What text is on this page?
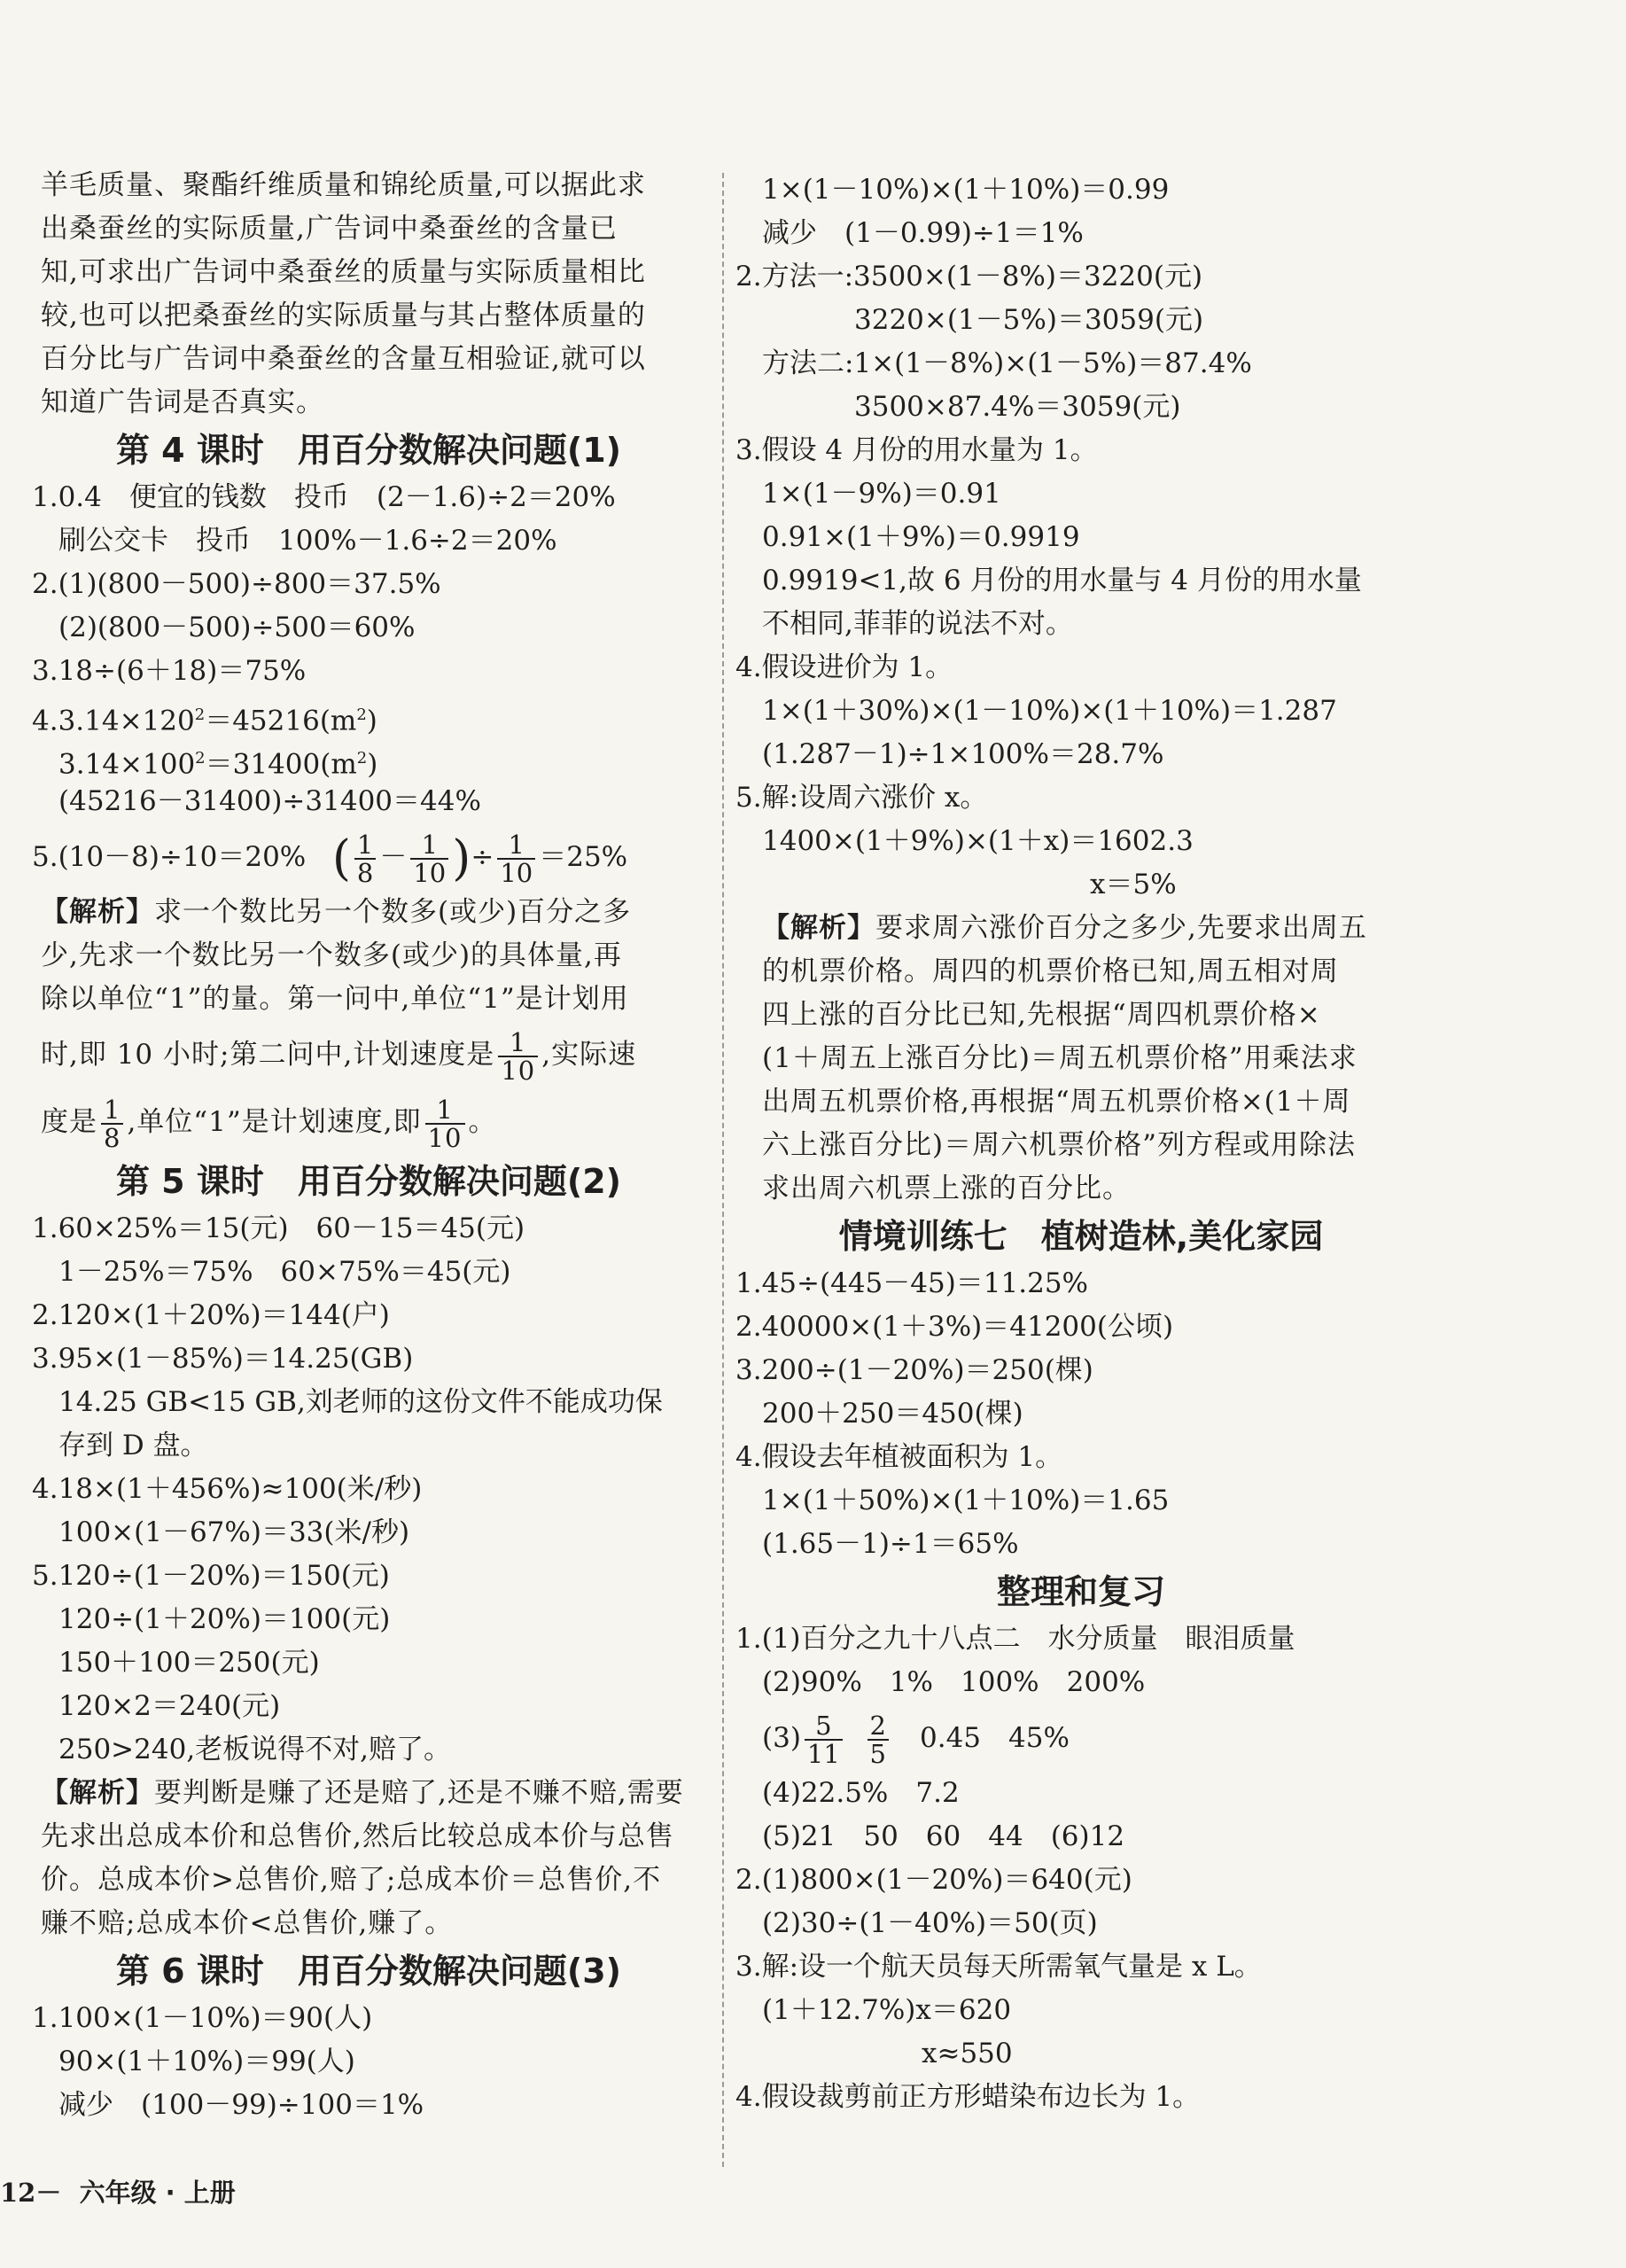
羊毛质量、聚酯纤维质量和锦纶质量,可以据此求
出桑蚕丝的实际质量,广告词中桑蚕丝的含量已
知,可求出广告词中桑蚕丝的质量与实际质量相比
较,也可以把桑蚕丝的实际质量与其占整体质量的
百分比与广告词中桑蚕丝的含量互相验证,就可以
知道广告词是否真实。
第 4 课时　用百分数解决问题(1)
1.0.4　便宜的钱数　投币　(2－1.6)÷2＝20%
刷公交卡　投币　100%－1.6÷2＝20%
2.(1)(800－500)÷800＝37.5%
(2)(800－500)÷500＝60%
3.18÷(6＋18)＝75%
$4.3.14\times 120^2=45216(m^2)$
$3.14\times 100^2=31400(m^2)$
(45216－31400)÷31400＝44%
5.(10－8)÷10＝20% ( $\frac{1}{8} - \frac{1}{10}$ )÷ $\frac{1}{10} =25\%$
【解析】求一个数比另一个数多(或少)百分之多
少,先求一个数比另一个数多(或少)的具体量,再
除以单位“1”的量。第一问中,单位“1”是计划用
时,即 10 小时;第二问中,计划速度是 $\frac{1}{10}$ ,实际速
度是 $\frac{1}{8}$ ,单位“1”是计划速度,即 $\frac{1}{10}$ 。
第 5 课时　用百分数解决问题(2)
1.60×25%＝15(元)　60－15＝45(元)
1－25%＝75%　60×75%＝45(元)
2.120×(1＋20%)＝144(户)
3.95×(1－85%)＝14.25(GB)
14.25 GB<15 GB,刘老师的这份文件不能成功保
存到 D 盘。
4.18×(1＋456%)≈100(米/秒)
100×(1－67%)＝33(米/秒)
5.120÷(1－20%)＝150(元)
120÷(1＋20%)＝100(元)
150＋100＝250(元)
120×2＝240(元)
250>240,老板说得不对,赔了。
【解析】要判断是赚了还是赔了,还是不赚不赔,需要
先求出总成本价和总售价,然后比较总成本价与总售
价。总成本价>总售价,赔了;总成本价＝总售价,不
赚不赔;总成本价<总售价,赚了。
第 6 课时　用百分数解决问题(3)
1.100×(1－10%)＝90(人)
90×(1＋10%)＝99(人)
减少　(100－99)÷100＝1%
1×(1－10%)×(1＋10%)＝0.99
减少　(1－0.99)÷1＝1%
2.方法一:3500×(1－8%)＝3220(元)
3220×(1－5%)＝3059(元)
方法二:1×(1－8%)×(1－5%)＝87.4%
3500×87.4%＝3059(元)
3.假设 4 月份的用水量为 1。
1×(1－9%)＝0.91
0.91×(1＋9%)＝0.9919
0.9919<1,故 6 月份的用水量与 4 月份的用水量
不相同,菲菲的说法不对。
4.假设进价为 1。
1×(1＋30%)×(1－10%)×(1＋10%)＝1.287
(1.287－1)÷1×100%＝28.7%
5.解:设周六涨价 x。
1400×(1＋9%)×(1＋x)＝1602.3
x＝5%
【解析】要求周六涨价百分之多少,先要求出周五
的机票价格。周四的机票价格已知,周五相对周
四上涨的百分比已知,先根据“周四机票价格×
(1＋周五上涨百分比)＝周五机票价格”用乘法求
出周五机票价格,再根据“周五机票价格×(1＋周
六上涨百分比)＝周六机票价格”列方程或用除法
求出周六机票上涨的百分比。
情境训练七　植树造林,美化家园
1.45÷(445－45)＝11.25%
2.40000×(1＋3%)＝41200(公顷)
3.200÷(1－20%)＝250(棵)
200＋250＝450(棵)
4.假设去年植被面积为 1。
1×(1＋50%)×(1＋10%)＝1.65
(1.65－1)÷1＝65%
整理和复习
1.(1)百分之九十八点二　水分质量　眼泪质量
(2)90%　1%　100%　200%
$(3) \frac{5}{11}$
$\frac{2}{5}$ 　0.45　45%
(4)22.5%　7.2
(5)21　50　60　44　(6)12
2.(1)800×(1－20%)＝640(元)
(2)30÷(1－40%)＝50(页)
3.解:设一个航天员每天所需氧气量是 x L。
(1＋12.7%)x＝620
x≈550
4.假设裁剪前正方形蜡染布边长为 1。
12－ 六年级 · 上册
